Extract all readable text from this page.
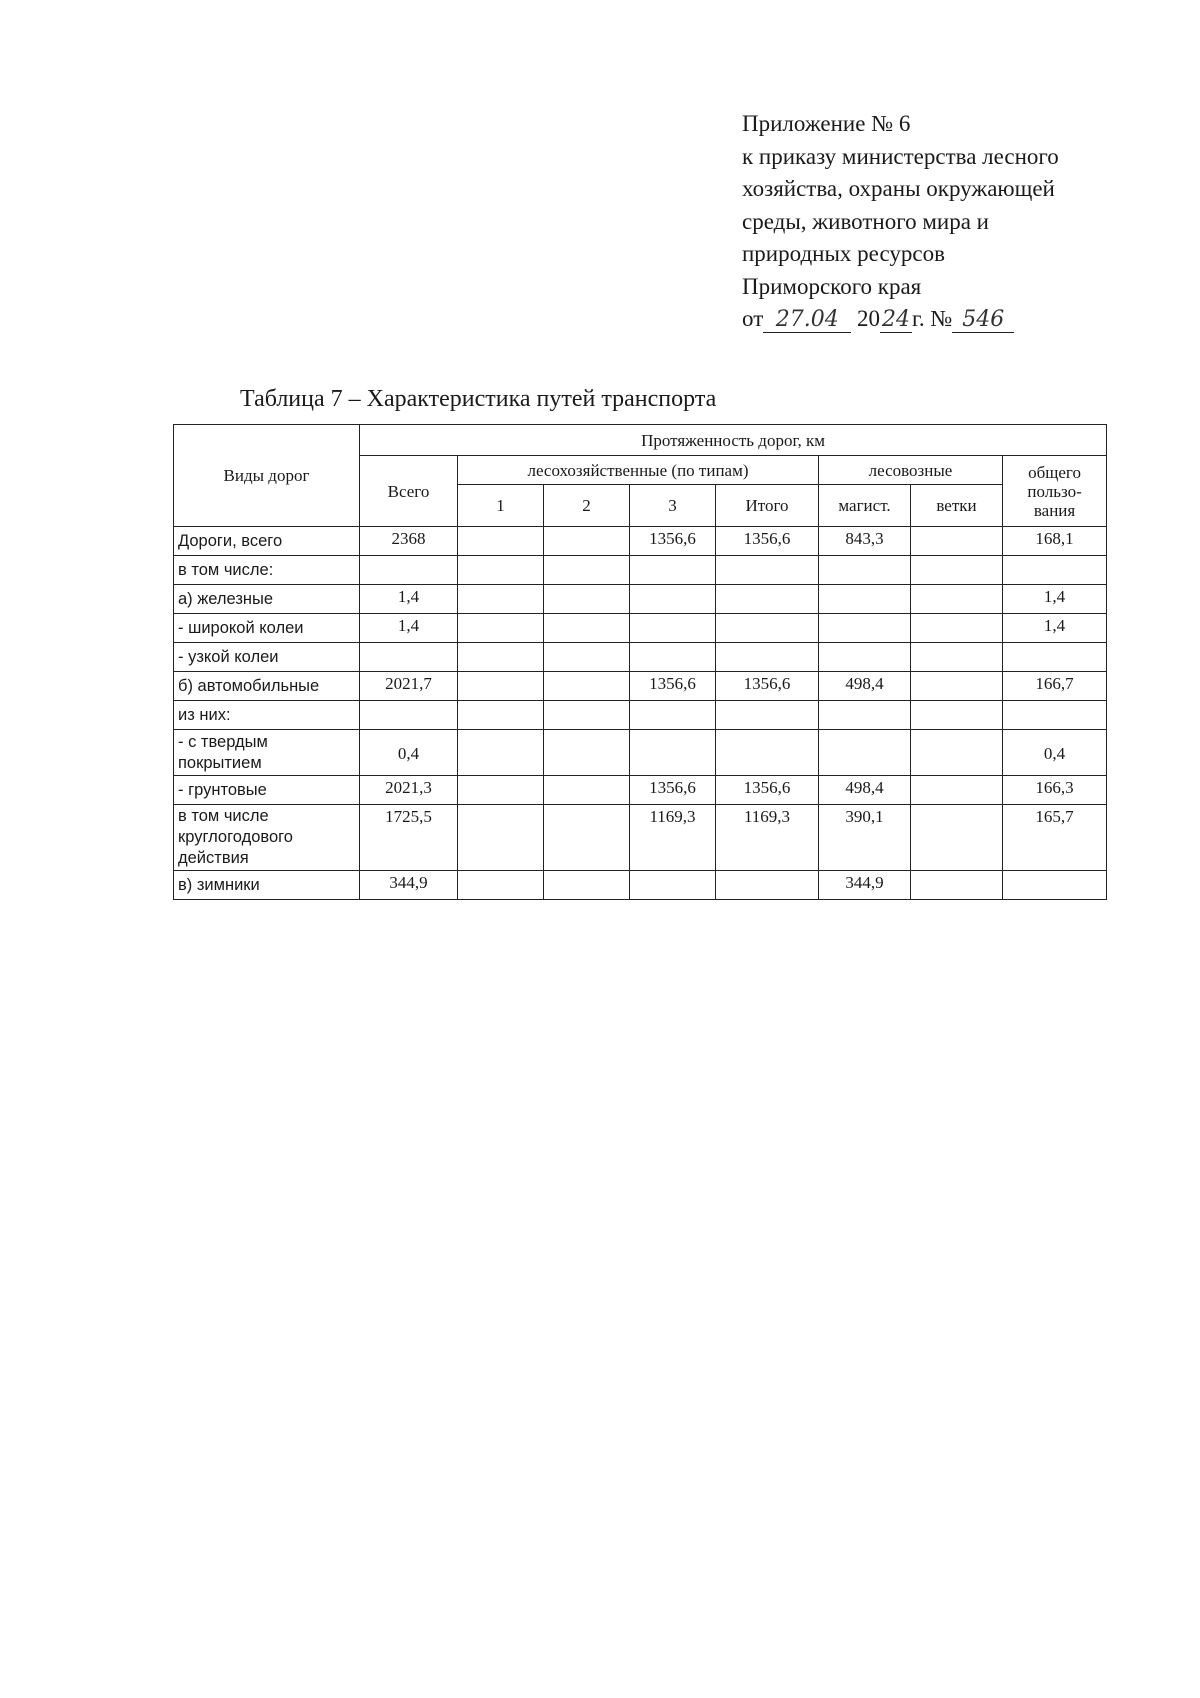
Приложение № 6
к приказу министерства лесного
хозяйства, охраны окружающей
среды, животного мира и
природных ресурсов
Приморского края
от 27.04 2024г. № 546
Таблица 7 – Характеристика путей транспорта
Виды дорог	Протяженность дорог, км							
	Всего	лесохозяйственные (по типам)				лесовозные		общего пользо-вания
		1	2	3	Итого	магист.	ветки	
Дороги, всего	2368			1356,6	1356,6	843,3		168,1
в том числе:								
а) железные	1,4							1,4
- широкой колеи	1,4							1,4
- узкой колеи								
б) автомобильные	2021,7			1356,6	1356,6	498,4		166,7
из них:								
- с твердым покрытием	0,4							0,4
- грунтовые	2021,3			1356,6	1356,6	498,4		166,3
в том числе круглогодового действия	1725,5			1169,3	1169,3	390,1		165,7
в) зимники	344,9					344,9		
